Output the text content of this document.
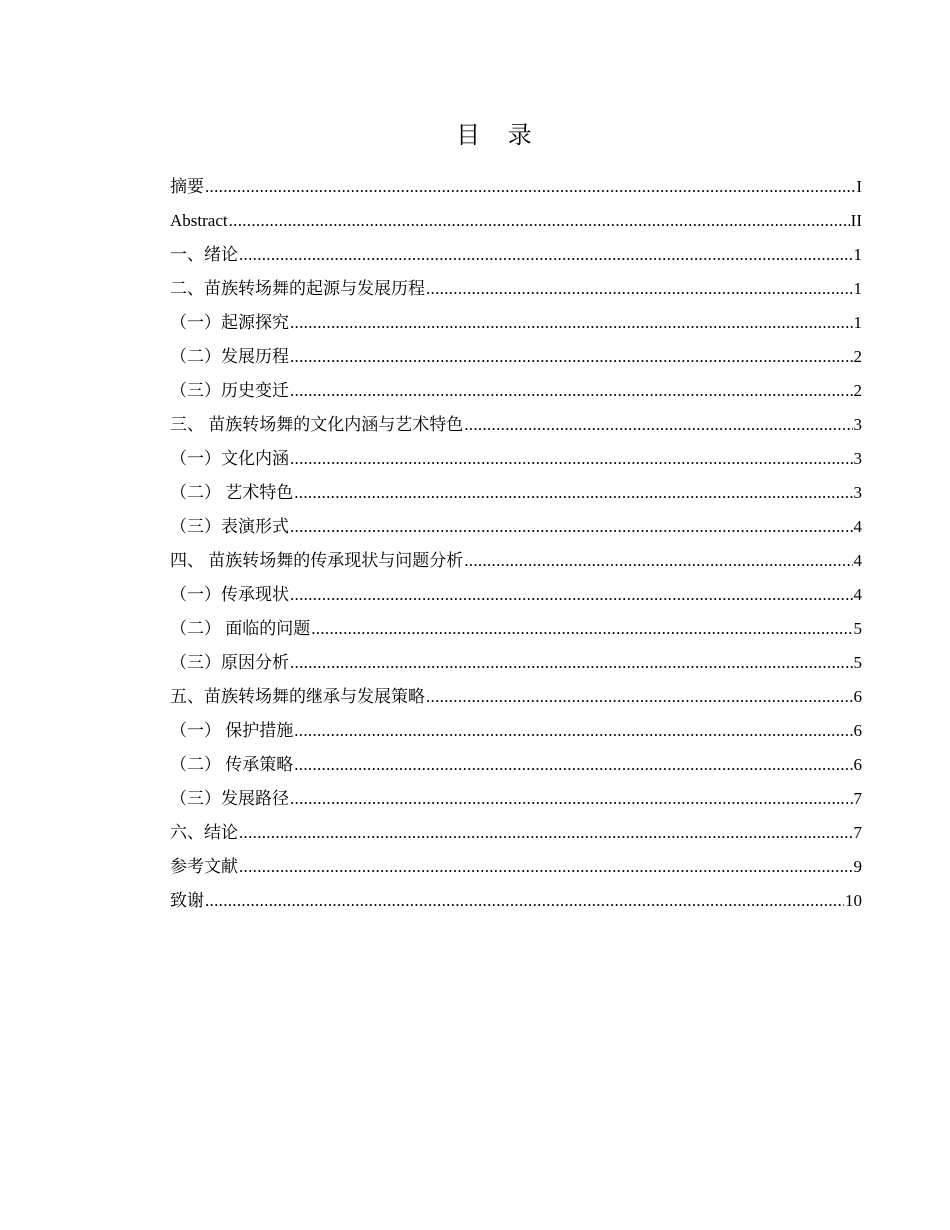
目 录
摘要 .....	I
Abstract .....	II
一、绪论 .....	1
二、苗族转场舞的起源与发展历程 .....	1
（一）起源探究 .....	1
（二）发展历程 .....	2
（三）历史变迁 .....	2
三、 苗族转场舞的文化内涵与艺术特色 .....	3
（一）文化内涵 .....	3
（二） 艺术特色 .....	3
（三）表演形式 .....	4
四、 苗族转场舞的传承现状与问题分析 .....	4
（一）传承现状 .....	4
（二） 面临的问题 .....	5
（三）原因分析 .....	5
五、苗族转场舞的继承与发展策略 .....	6
（一） 保护措施 .....	6
（二） 传承策略 .....	6
（三）发展路径 .....	7
六、结论 .....	7
参考文献 .....	9
致谢 .....	10
